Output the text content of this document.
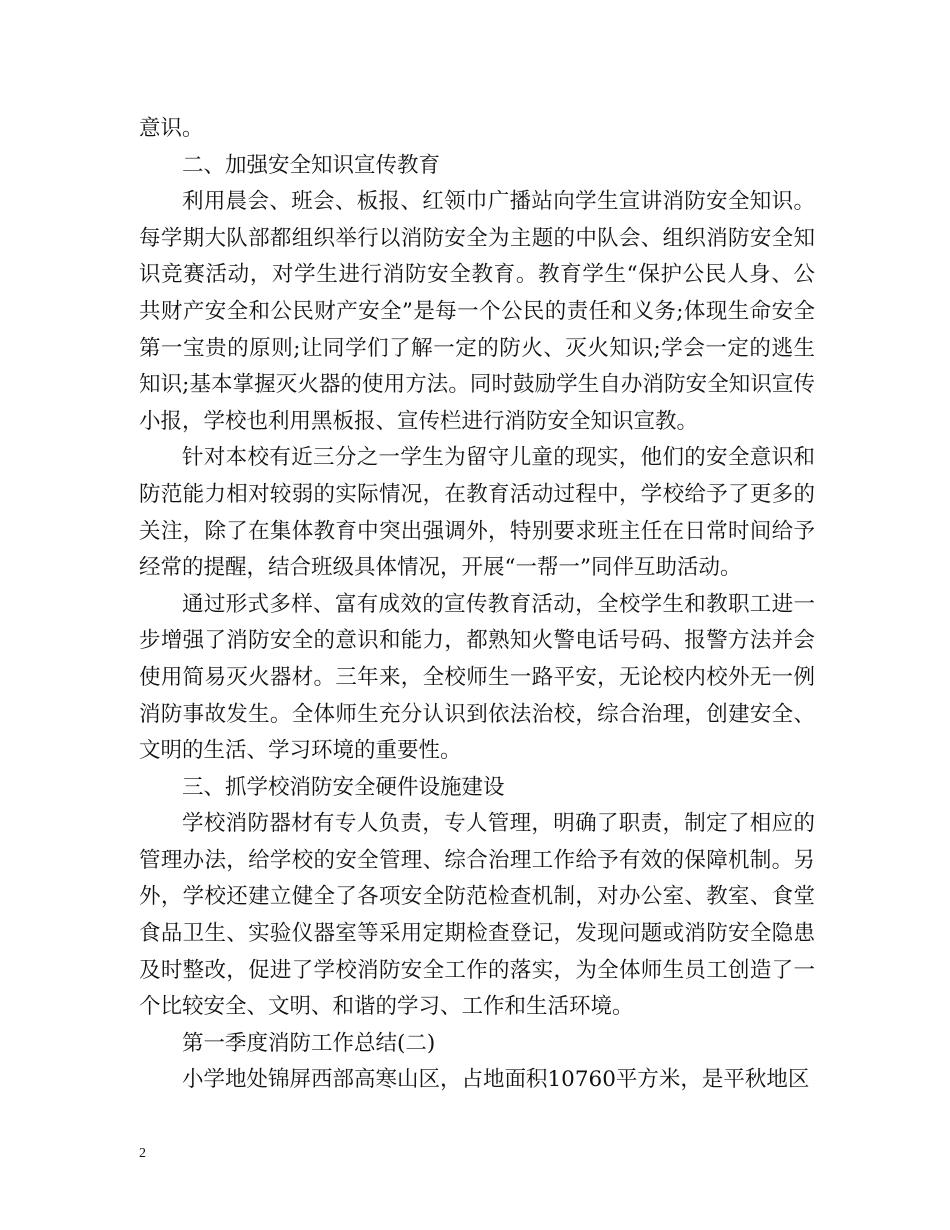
意识。

二、加强安全知识宣传教育

利用晨会、班会、板报、红领巾广播站向学生宣讲消防安全知识。每学期大队部都组织举行以消防安全为主题的中队会、组织消防安全知识竞赛活动，对学生进行消防安全教育。教育学生“保护公民人身、公共财产安全和公民财产安全”是每一个公民的责任和义务;体现生命安全第一宝贵的原则;让同学们了解一定的防火、灭火知识;学会一定的逃生知识;基本掌握灭火器的使用方法。同时鼓励学生自办消防安全知识宣传小报，学校也利用黑板报、宣传栏进行消防安全知识宣教。

针对本校有近三分之一学生为留守儿童的现实，他们的安全意识和防范能力相对较弱的实际情况，在教育活动过程中，学校给予了更多的关注，除了在集体教育中突出强调外，特别要求班主任在日常时间给予经常的提醒，结合班级具体情况，开展“一帮一”同伴互助活动。

通过形式多样、富有成效的宣传教育活动，全校学生和教职工进一步增强了消防安全的意识和能力，都熟知火警电话号码、报警方法并会使用简易灭火器材。三年来，全校师生一路平安，无论校内校外无一例消防事故发生。全体师生充分认识到依法治校，综合治理，创建安全、文明的生活、学习环境的重要性。

三、抓学校消防安全硬件设施建设

学校消防器材有专人负责，专人管理，明确了职责，制定了相应的管理办法，给学校的安全管理、综合治理工作给予有效的保障机制。另外，学校还建立健全了各项安全防范检查机制，对办公室、教室、食堂食品卫生、实验仪器室等采用定期检查登记，发现问题或消防安全隐患及时整改，促进了学校消防安全工作的落实，为全体师生员工创造了一个比较安全、文明、和谐的学习、工作和生活环境。

第一季度消防工作总结(二)

小学地处锦屏西部高寒山区，占地面积10760平方米，是平秋地区

2
